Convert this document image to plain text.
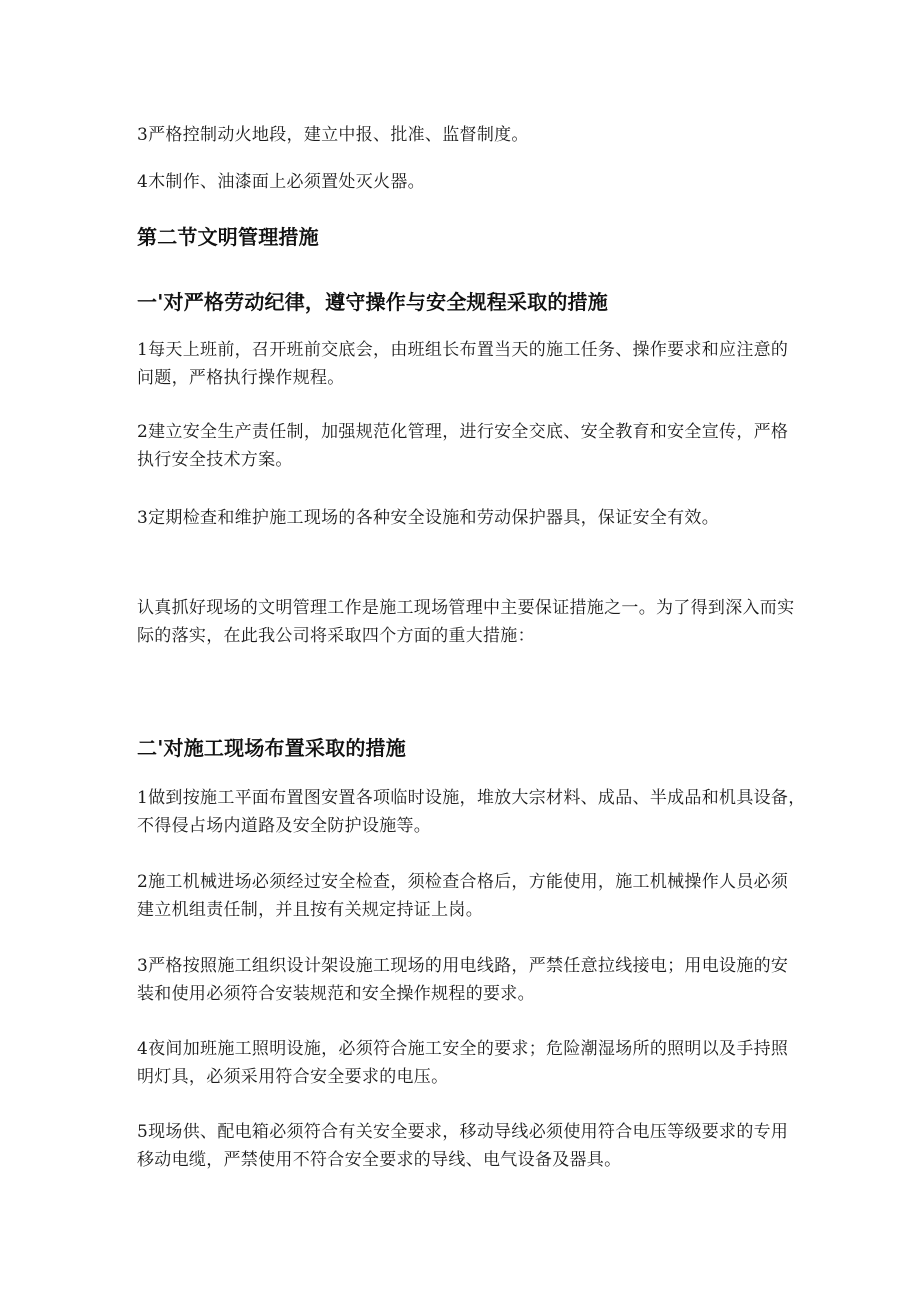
3严格控制动火地段，建立中报、批准、监督制度。

4木制作、油漆面上必须置处灭火器。

第二节文明管理措施
一'对严格劳动纪律，遵守操作与安全规程采取的措施

1每天上班前，召开班前交底会，由班组长布置当天的施工任务、操作要求和应注意的
问题，严格执行操作规程。

2建立安全生产责任制，加强规范化管理，进行安全交底、安全教育和安全宣传，严格
执行安全技术方案。

3定期检查和维护施工现场的各种安全设施和劳动保护器具，保证安全有效。

认真抓好现场的文明管理工作是施工现场管理中主要保证措施之一。为了得到深入而实
际的落实，在此我公司将采取四个方面的重大措施：

二'对施工现场布置采取的措施

1做到按施工平面布置图安置各项临时设施，堆放大宗材料、成品、半成品和机具设备，
不得侵占场内道路及安全防护设施等。

2施工机械进场必须经过安全检查，须检查合格后，方能使用，施工机械操作人员必须
建立机组责任制，并且按有关规定持证上岗。

3严格按照施工组织设计架设施工现场的用电线路，严禁任意拉线接电；用电设施的安
装和使用必须符合安装规范和安全操作规程的要求。

4夜间加班施工照明设施，必须符合施工安全的要求；危险潮湿场所的照明以及手持照
明灯具，必须采用符合安全要求的电压。

5现场供、配电箱必须符合有关安全要求，移动导线必须使用符合电压等级要求的专用
移动电缆，严禁使用不符合安全要求的导线、电气设备及器具。
